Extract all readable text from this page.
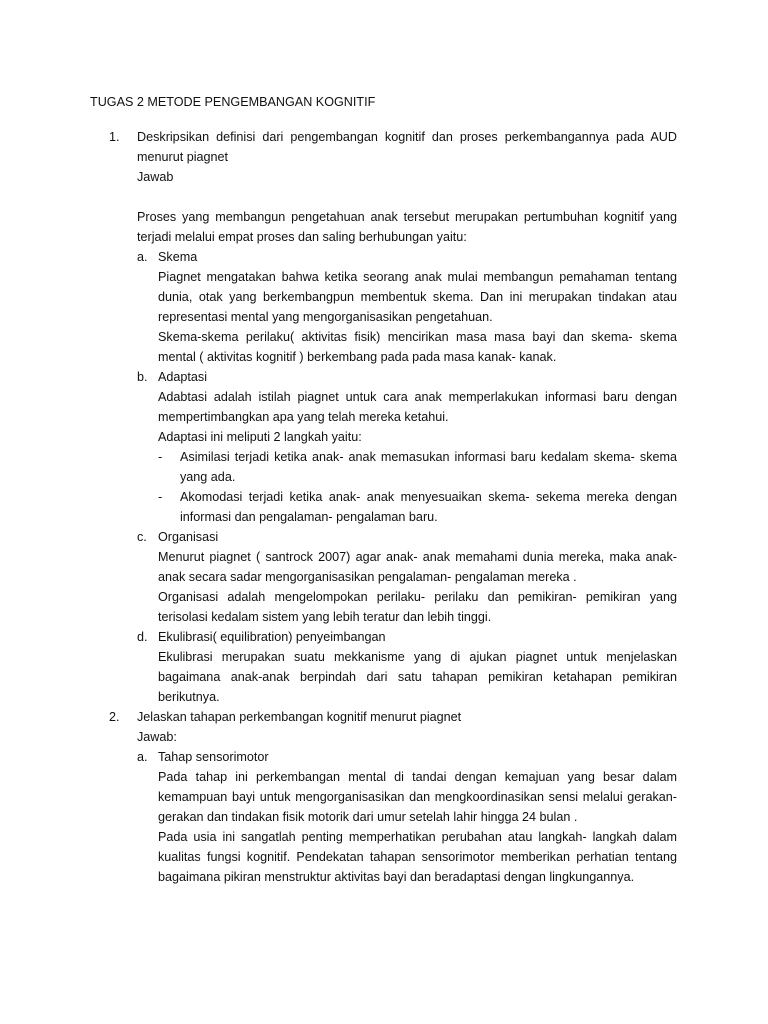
TUGAS 2 METODE PENGEMBANGAN KOGNITIF

1.	Deskripsikan definisi dari pengembangan kognitif dan proses perkembangannya pada AUD menurut piagnet

Jawab

Proses yang membangun pengetahuan anak tersebut merupakan pertumbuhan kognitif yang terjadi melalui empat proses dan saling berhubungan yaitu:

a. Skema

Piagnet mengatakan bahwa ketika seorang anak mulai membangun pemahaman tentang dunia, otak yang berkembangpun membentuk skema. Dan ini merupakan tindakan atau representasi mental yang mengorganisasikan pengetahuan.

Skema-skema perilaku( aktivitas fisik) mencirikan masa masa bayi dan skema- skema mental ( aktivitas kognitif ) berkembang pada pada masa kanak- kanak.

b. Adaptasi

Adabtasi adalah istilah piagnet untuk cara anak memperlakukan informasi baru dengan mempertimbangkan apa yang telah mereka ketahui.

Adaptasi ini meliputi 2 langkah yaitu:

-	Asimilasi terjadi ketika anak- anak memasukan informasi baru kedalam skema- skema yang ada.

-	Akomodasi terjadi ketika anak- anak menyesuaikan skema- sekema mereka dengan informasi dan pengalaman- pengalaman baru.

c. Organisasi

Menurut piagnet ( santrock 2007) agar anak- anak memahami dunia mereka, maka anak-anak secara sadar mengorganisasikan pengalaman- pengalaman mereka .

Organisasi adalah mengelompokan perilaku- perilaku dan pemikiran- pemikiran yang terisolasi kedalam sistem yang lebih teratur dan lebih tinggi.

d. Ekulibrasi( equilibration) penyeimbangan

Ekulibrasi merupakan suatu mekkanisme yang di ajukan piagnet untuk menjelaskan bagaimana anak-anak berpindah dari satu tahapan pemikiran ketahapan pemikiran berikutnya.

2.	Jelaskan tahapan perkembangan kognitif menurut piagnet

Jawab:

a. Tahap sensorimotor

Pada tahap ini perkembangan mental di tandai dengan kemajuan yang besar dalam kemampuan bayi untuk mengorganisasikan dan mengkoordinasikan sensi melalui gerakan-gerakan dan tindakan fisik motorik dari umur setelah lahir hingga 24 bulan .

Pada usia ini sangatlah penting memperhatikan perubahan atau langkah- langkah dalam kualitas fungsi kognitif. Pendekatan tahapan sensorimotor memberikan perhatian tentang bagaimana pikiran menstruktur aktivitas bayi dan beradaptasi dengan lingkungannya.
